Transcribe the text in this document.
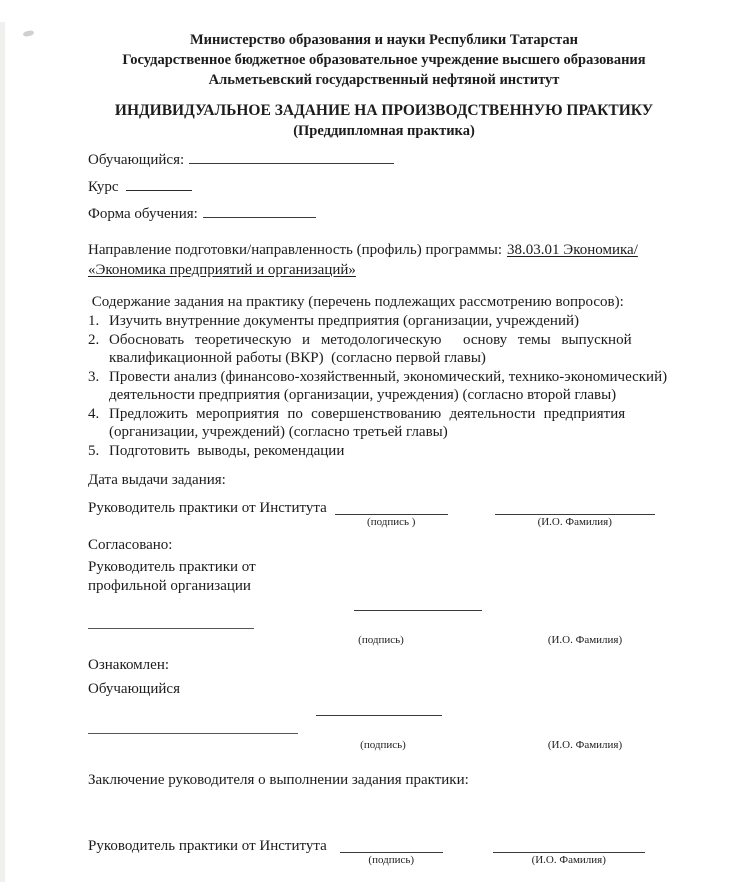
Министерство образования и науки Республики Татарстан
Государственное бюджетное образовательное учреждение высшего образования
Альметьевский государственный нефтяной институт
ИНДИВИДУАЛЬНОЕ ЗАДАНИЕ НА ПРОИЗВОДСТВЕННУЮ ПРАКТИКУ
(Преддипломная практика)
Обучающийся:
Курс
Форма обучения:
Направление подготовки/направленность (профиль) программы: 38.03.01 Экономика/
«Экономика предприятий и организаций»
Содержание задания на практику (перечень подлежащих рассмотрению вопросов):
1. Изучить внутренние документы предприятия (организации, учреждений)
2. Обосновать теоретическую и методологическую  основу темы выпускной
квалификационной работы (ВКР)  (согласно первой главы)
3. Провести анализ (финансово-хозяйственный, экономический, технико-экономический)
деятельности предприятия (организации, учреждения) (согласно второй главы)
4. Предложить мероприятия по совершенствованию деятельности предприятия
(организации, учреждений) (согласно третьей главы)
5. Подготовить  выводы, рекомендации
Дата выдачи задания:
Руководитель практики от Института
(подпись )	(И.О. Фамилия)
Согласовано:
Руководитель практики от
профильной организации
(подпись)	(И.О. Фамилия)
Ознакомлен:
Обучающийся
(подпись)	(И.О. Фамилия)
Заключение руководителя о выполнении задания практики:
Руководитель практики от Института
(подпись)	(И.О. Фамилия)
